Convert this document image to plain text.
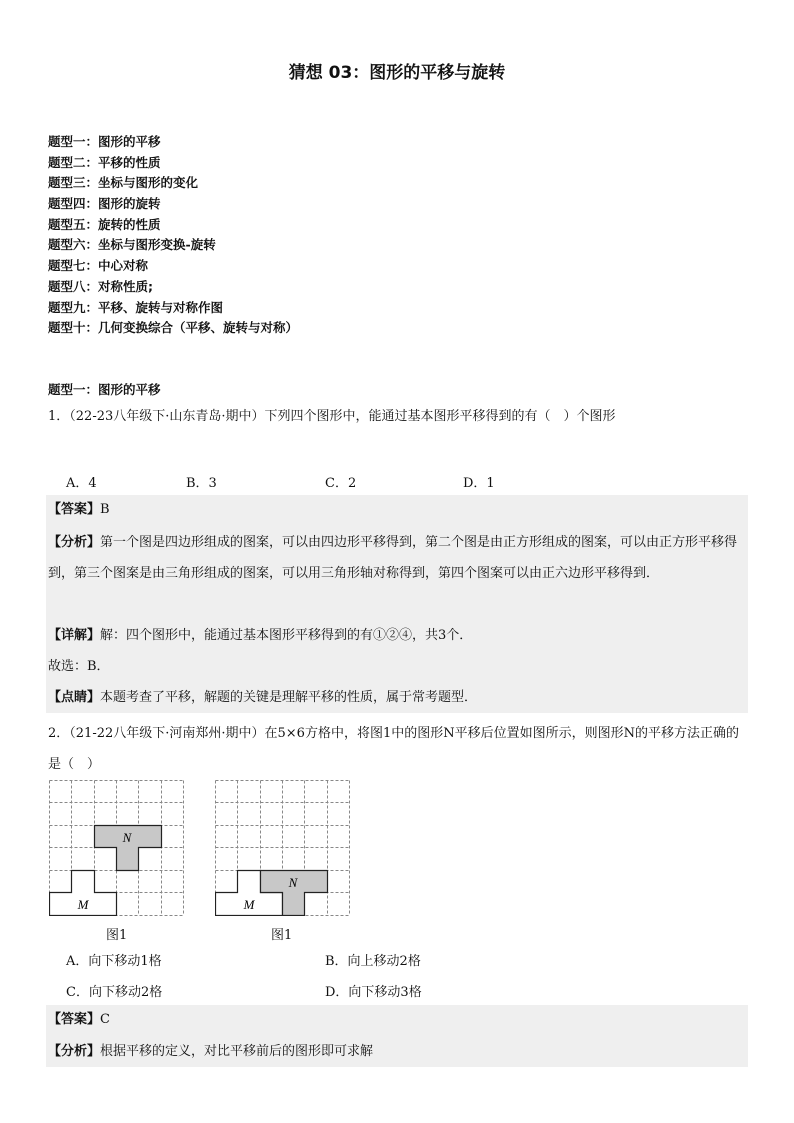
猜想 03：图形的平移与旋转
题型一：图形的平移
题型二：平移的性质
题型三：坐标与图形的变化
题型四：图形的旋转
题型五：旋转的性质
题型六：坐标与图形变换-旋转
题型七：中心对称
题型八：对称性质;
题型九：平移、旋转与对称作图
题型十：几何变换综合（平移、旋转与对称）
题型一：图形的平移
1．（22-23八年级下·山东青岛·期中）下列四个图形中，能通过基本图形平移得到的有（　）个图形
A．4	B．3	C．2	D．1
【答案】B
【分析】第一个图是四边形组成的图案，可以由四边形平移得到，第二个图是由正方形组成的图案，可以由正方形平移得到，第三个图案是由三角形组成的图案，可以用三角形轴对称得到，第四个图案可以由正六边形平移得到．
【详解】解：四个图形中，能通过基本图形平移得到的有①②④，共3个．
故选：B．
【点睛】本题考查了平移，解题的关键是理解平移的性质，属于常考题型．
2．（21-22八年级下·河南郑州·期中）在5×6方格中，将图1中的图形N平移后位置如图所示，则图形N的平移方法正确的是（　）
N
M
图1
N
M
图1
A．向下移动1格	B．向上移动2格
C．向下移动2格	D．向下移动3格
【答案】C
【分析】根据平移的定义，对比平移前后的图形即可求解
